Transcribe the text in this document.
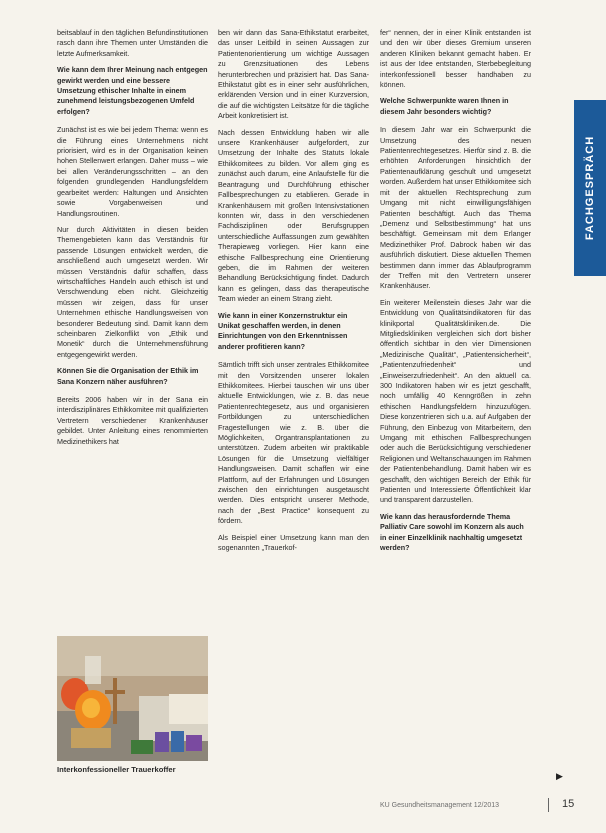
beitsablauf in den täglichen Befundinstitutionen rasch dann ihre Themen unter Umständen die letzte Aufmerksamkeit.

Wie kann dem Ihrer Meinung nach entgegen gewirkt werden und eine bessere Umsetzung ethischer Inhalte in einem zunehmend leistungsbezogenen Umfeld erfolgen?

Zunächst ist es wie bei jedem Thema: wenn es die Führung eines Unternehmens nicht priorisiert, wird es in der Organisation keinen hohen Stellenwert erlangen. Daher muss – wie bei allen Veränderungsschritten – an den folgenden grundlegenden Handlungsfeldern gearbeitet werden: Haltungen und Ansichten sowie Vorgabenweisen und Handlungsroutinen.

Nur durch Aktivitäten in diesen beiden Themengebieten kann das Verständnis für passende Lösungen entwickelt werden, die anschließend auch umgesetzt werden. Wir müssen Verständnis dafür schaffen, dass wirtschaftliches Handeln auch ethisch ist und Verschwendung eben nicht. Gleichzeitig müssen wir zeigen, dass für unser Unternehmen ethische Handlungsweisen von besonderer Bedeutung sind. Damit kann dem scheinbaren Zielkonflikt von „Ethik und Monetik“ durch die Unternehmensführung entgegengewirkt werden.

Können Sie die Organisation der Ethik im Sana Konzern näher ausführen?

Bereits 2006 haben wir in der Sana ein interdisziplinäres Ethikkomitee mit qualifizierten Vertretern verschiedener Krankenhäuser gebildet. Unter Anleitung eines renommierten Medizinethikers hat

Interkonfessioneller Trauerkoffer

ben wir dann das Sana-Ethikstatut erarbeitet, das unser Leitbild in seinen Aussagen zur Patientenorientierung um wichtige Aussagen zu Grenzsituationen des Lebens herunterbrechen und präzisiert hat. Das Sana-Ethikstatut gibt es in einer sehr ausführlichen, erklärenden Version und in einer Kurzversion, die auf die wichtigsten Leitsätze für die tägliche Arbeit konkretisiert ist.

Nach dessen Entwicklung haben wir alle unsere Krankenhäuser aufgefordert, zur Umsetzung der Inhalte des Statuts lokale Ethikkomitees zu bilden. Vor allem ging es zunächst auch darum, eine Anlaufstelle für die Beantragung und Durchführung ethischer Fallbesprechungen zu etablieren. Gerade in Krankenhäusern mit großen Intensivstationen konnten wir, dass in den verschiedenen Fachdisziplinen oder Berufsgruppen unterschiedliche Auffassungen zum gewählten Therapieweg vorliegen. Hier kann eine ethische Fallbesprechung eine Orientierung geben, die im Rahmen der weiteren Behandlung Berücksichtigung findet. Dadurch kann es gelingen, dass das therapeutische Team wieder an einem Strang zieht.

Wie kann in einer Konzernstruktur ein Unikat geschaffen werden, in denen Einrichtungen von den Erkenntnissen anderer profitieren kann?

Sämtlich trifft sich unser zentrales Ethikkomitee mit den Vorsitzenden unserer lokalen Ethikkomitees. Hierbei tauschen wir uns über aktuelle Entwicklungen, wie z. B. das neue Patientenrechtegesetz, aus und organisieren Fortbildungen zu unterschiedlichen Fragestellungen wie z. B. über die Möglichkeiten, Organtransplantationen zu unterstützen. Zudem arbeiten wir praktikable Lösungen für die Umsetzung vielfältiger Handlungsweisen. Damit schaffen wir eine Plattform, auf der Erfahrungen und Lösungen zwischen den einrichtungen ausgetauscht werden. Dies entspricht unserer Methode, nach der „Best Practice“ konsequent zu fördern.

Als Beispiel einer Umsetzung kann man den sogenannten „Trauerkof-

fer“ nennen, der in einer Klinik entstanden ist und den wir über dieses Gremium unseren anderen Kliniken bekannt gemacht haben. Er ist aus der Idee entstanden, Sterbebegleitung interkonfessionell besser handhaben zu können.

Welche Schwerpunkte waren Ihnen in diesem Jahr besonders wichtig?

In diesem Jahr war ein Schwerpunkt die Umsetzung des neuen Patientenrechtegesetzes. Hierfür sind z. B. die erhöhten Anforderungen hinsichtlich der Patientenaufklärung geschult und umgesetzt worden. Außerdem hat unser Ethikkomitee sich mit der aktuellen Rechtsprechung zum Umgang mit nicht einwilligungsfähigen Patienten beschäftigt. Auch das Thema „Demenz und Selbstbestimmung“ hat uns beschäftigt. Gemeinsam mit dem Erlanger Medizinethiker Prof. Dabrock haben wir das ausführlich diskutiert. Diese aktuellen Themen bestimmen dann immer das Ablaufprogramm der Treffen mit den Vertretern unserer Krankenhäuser.

Ein weiterer Meilenstein dieses Jahr war die Entwicklung von Qualitätsindikatoren für das klinikportal Qualitätskliniken.de. Die Mitgliedskliniken vergleichen sich dort bisher öffentlich sichtbar in den vier Dimensionen „Medizinische Qualität“, „Patientensicherheit“, „Patientenzufriedenheit“ und „Einweiserzufriedenheit“. An den aktuell ca. 300 Indikatoren haben wir es jetzt geschafft, noch umfällig 40 Kenngrößen in zehn ethischen Handlungsfeldern hinzuzufügen. Diese konzentrieren sich u.a. auf Aufgaben der Führung, den Einbezug von Mitarbeitern, den Umgang mit ethischen Fallbesprechungen oder auch die Berücksichtigung verschiedener Religionen und Weltanschauungen im Rahmen der Patientenbehandlung. Damit haben wir es geschafft, den wichtigen Bereich der Ethik für Patienten und Interessierte Öffentlichkeit klar und transparent darzustellen.

Wie kann das herausfordernde Thema Palliativ Care sowohl im Konzern als auch in einer Einzelklinik nachhaltig umgesetzt werden?

▶
FACHGESPRÄCH
KU Gesundheitsmanagement 12/2013	15
